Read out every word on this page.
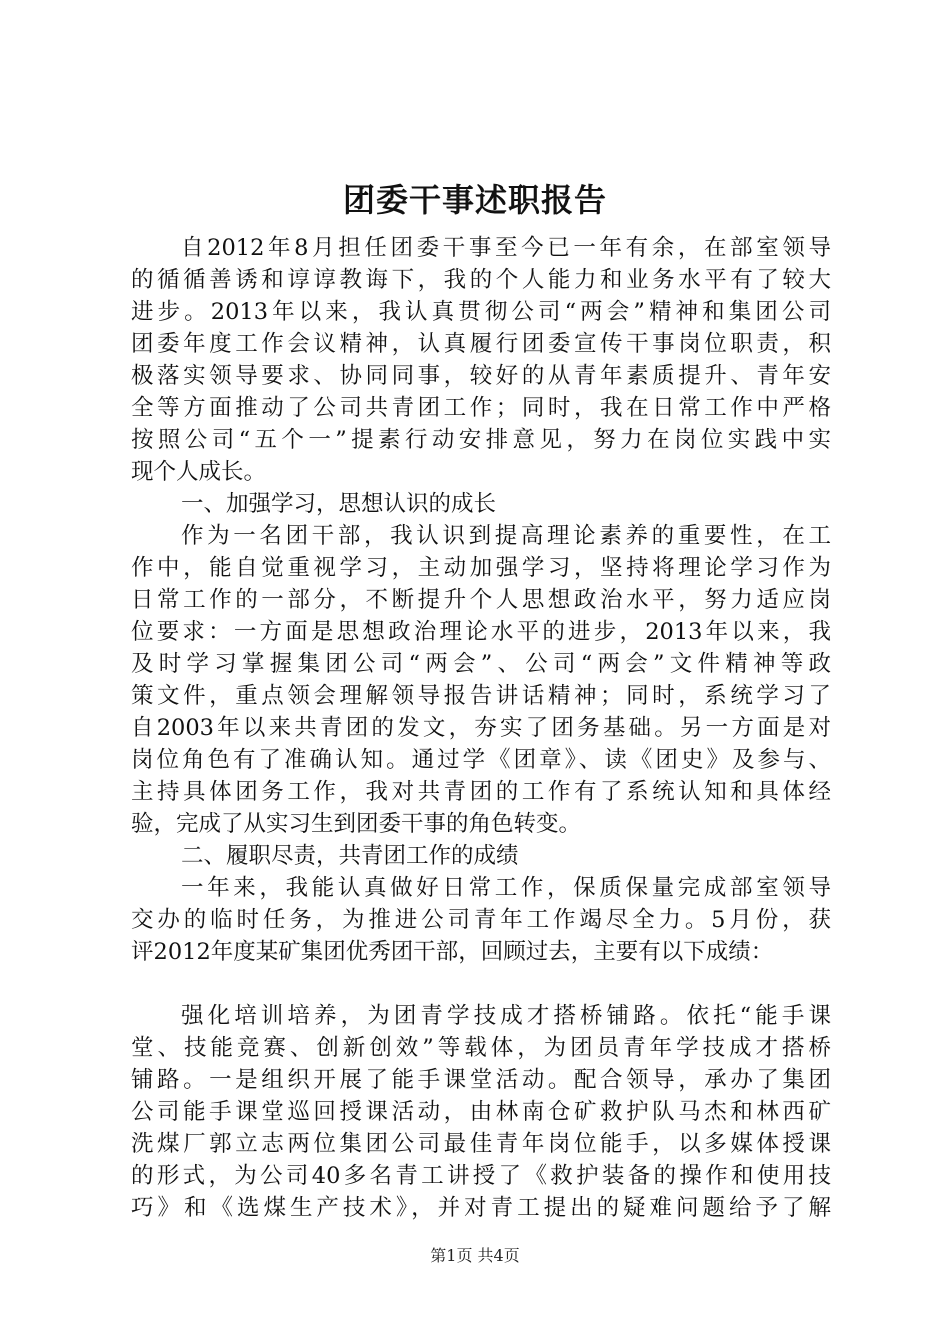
团委干事述职报告
自2012年8月担任团委干事至今已一年有余，在部室领导
的循循善诱和谆谆教诲下，我的个人能力和业务水平有了较大
进步。2013年以来，我认真贯彻公司“两会”精神和集团公司
团委年度工作会议精神，认真履行团委宣传干事岗位职责，积
极落实领导要求、协同同事，较好的从青年素质提升、青年安
全等方面推动了公司共青团工作；同时，我在日常工作中严格
按照公司“五个一”提素行动安排意见，努力在岗位实践中实
现个人成长。
一、加强学习，思想认识的成长
作为一名团干部，我认识到提高理论素养的重要性，在工
作中，能自觉重视学习，主动加强学习，坚持将理论学习作为
日常工作的一部分，不断提升个人思想政治水平，努力适应岗
位要求：一方面是思想政治理论水平的进步，2013年以来，我
及时学习掌握集团公司“两会”、公司“两会”文件精神等政
策文件，重点领会理解领导报告讲话精神；同时，系统学习了
自2003年以来共青团的发文，夯实了团务基础。另一方面是对
岗位角色有了准确认知。通过学《团章》、读《团史》及参与、
主持具体团务工作，我对共青团的工作有了系统认知和具体经
验，完成了从实习生到团委干事的角色转变。
二、履职尽责，共青团工作的成绩
一年来，我能认真做好日常工作，保质保量完成部室领导
交办的临时任务，为推进公司青年工作竭尽全力。5月份，获
评2012年度某矿集团优秀团干部，回顾过去，主要有以下成绩：
强化培训培养，为团青学技成才搭桥铺路。依托“能手课
堂、技能竞赛、创新创效”等载体，为团员青年学技成才搭桥
铺路。一是组织开展了能手课堂活动。配合领导，承办了集团
公司能手课堂巡回授课活动，由林南仓矿救护队马杰和林西矿
洗煤厂郭立志两位集团公司最佳青年岗位能手，以多媒体授课
的形式，为公司40多名青工讲授了《救护装备的操作和使用技
巧》和《选煤生产技术》，并对青工提出的疑难问题给予了解
第1页 共4页
